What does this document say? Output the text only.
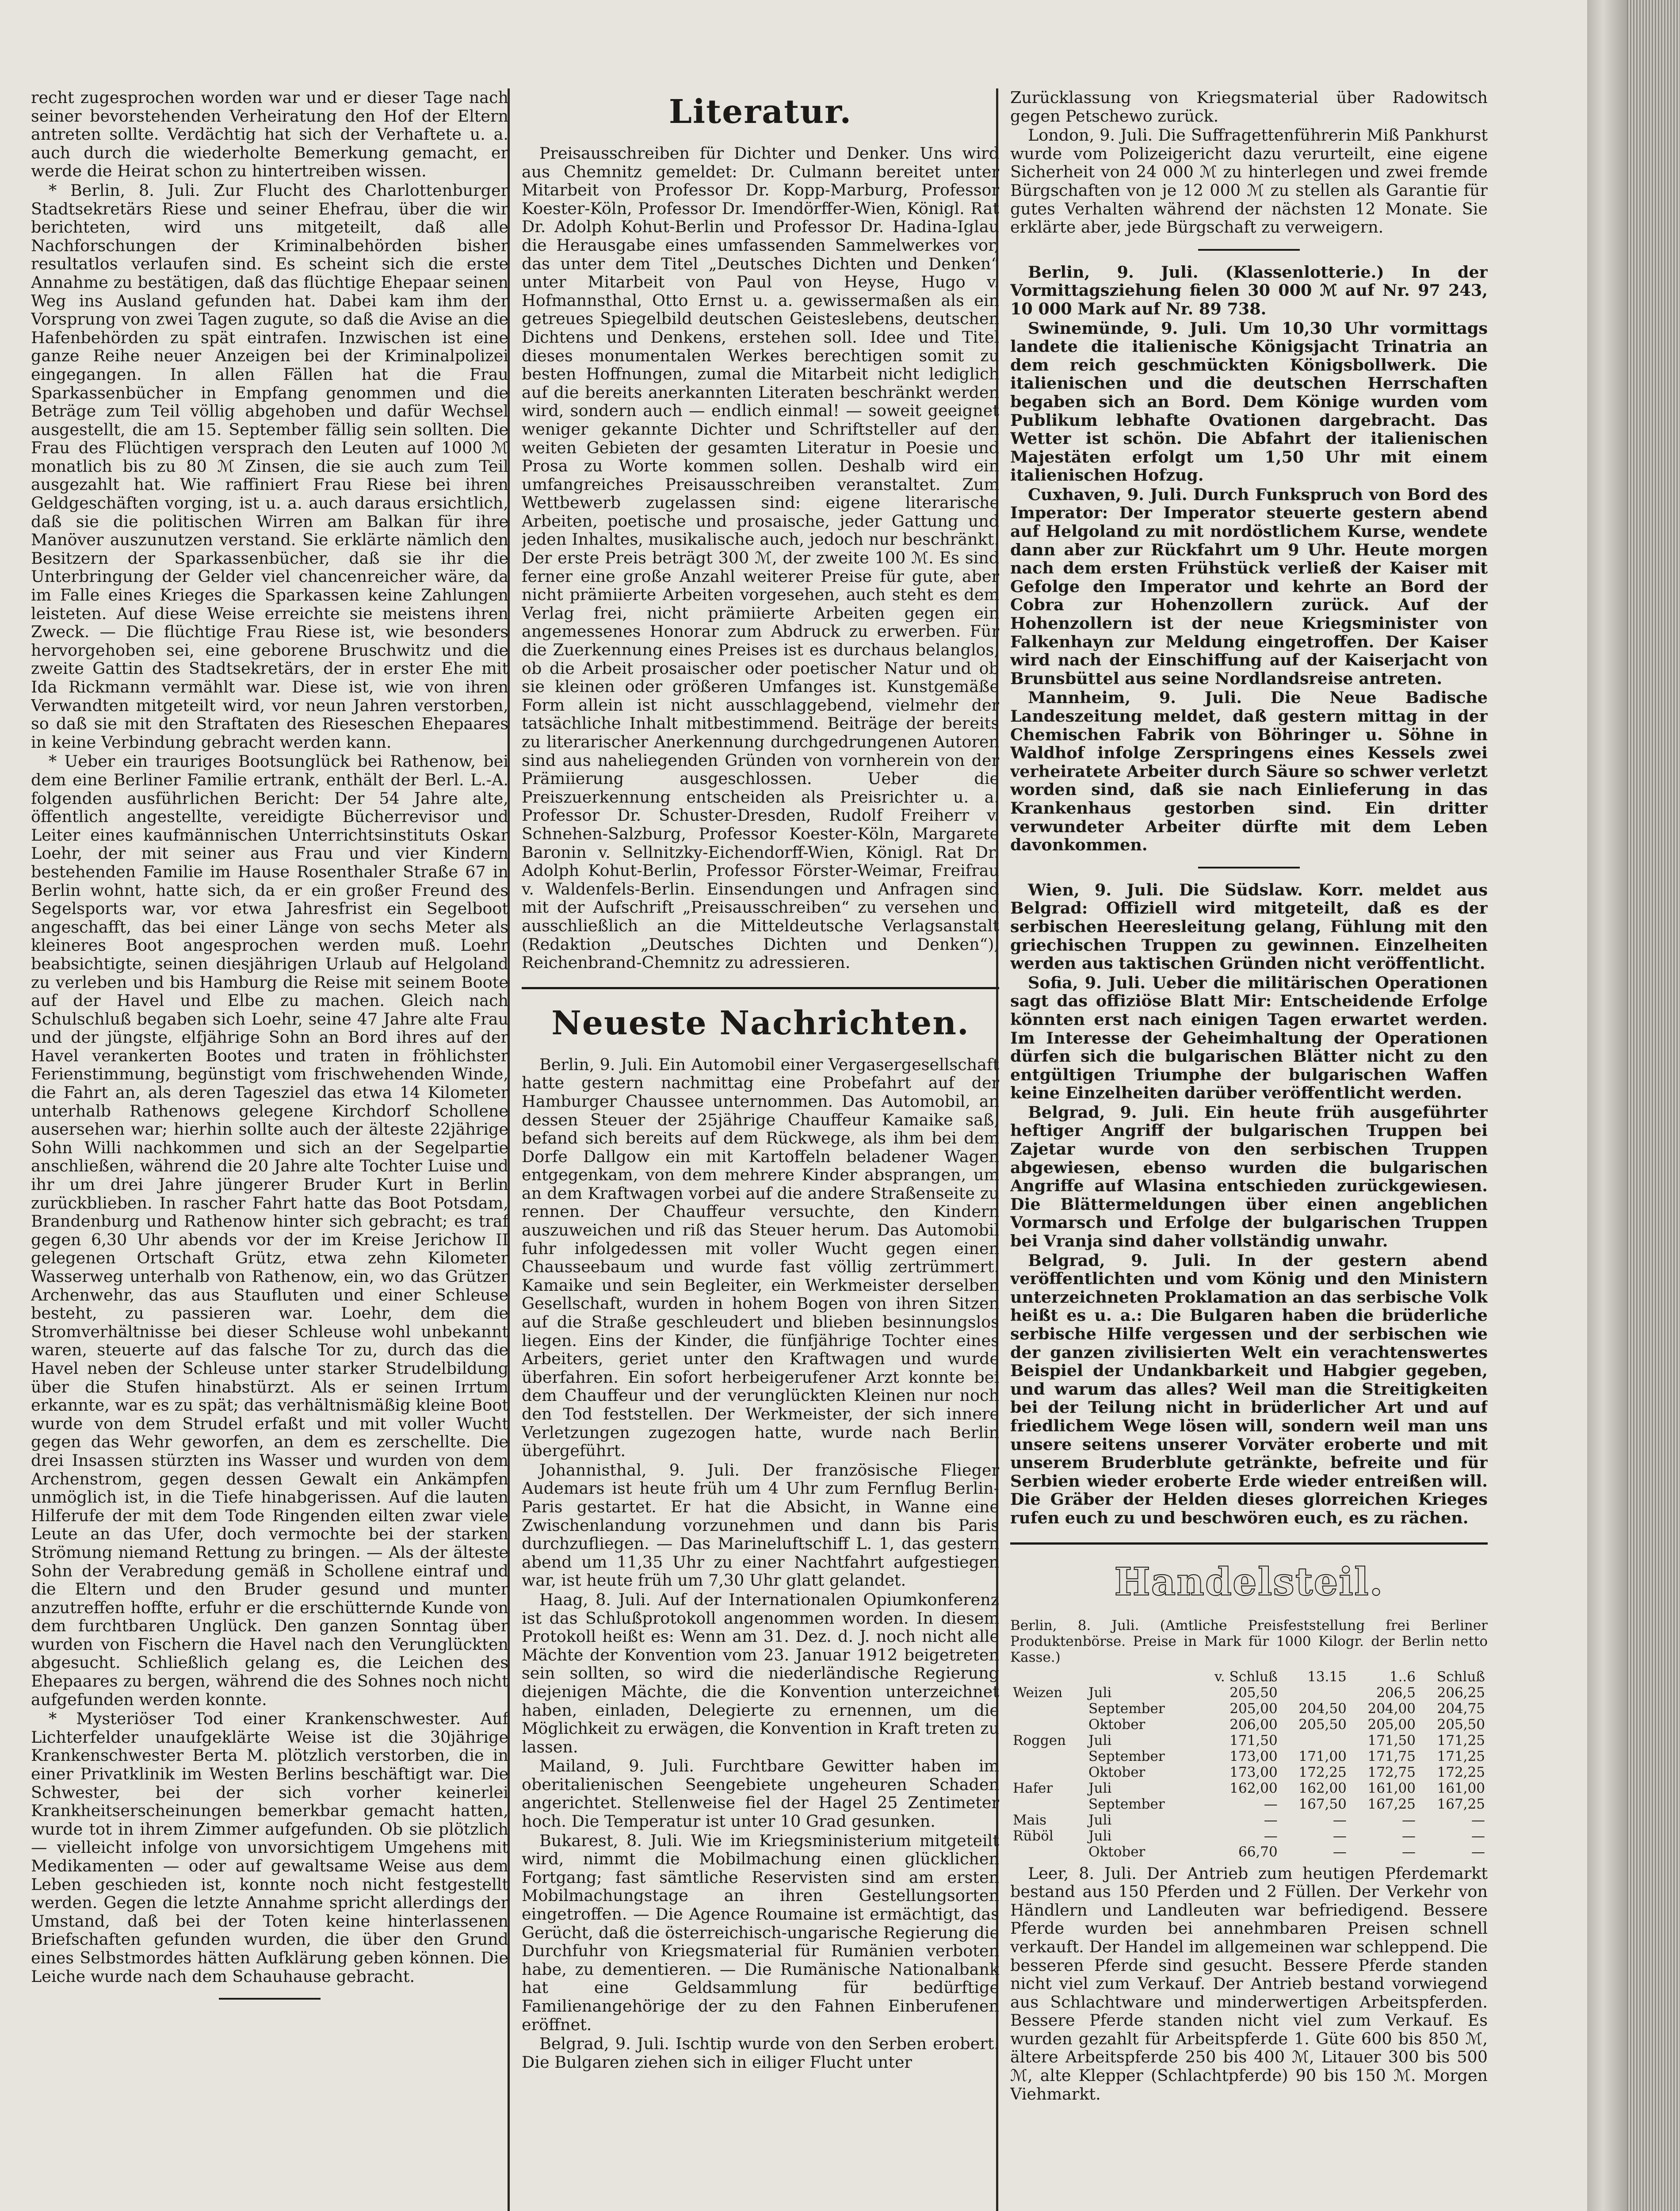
recht zugesprochen worden war und er dieser Tage nach seiner bevorstehenden Verheiratung den Hof der Eltern antreten sollte. Verdächtig hat sich der Verhaftete u. a. auch durch die wiederholte Bemerkung gemacht, er werde die Heirat schon zu hintertreiben wissen.

* Berlin, 8. Juli. Zur Flucht des Charlottenburger Stadtsekretärs Riese und seiner Ehefrau, über die wir berichteten, wird uns mitgeteilt, daß alle Nachforschungen der Kriminalbehörden bisher resultatlos verlaufen sind. Es scheint sich die erste Annahme zu bestätigen, daß das flüchtige Ehepaar seinen Weg ins Ausland gefunden hat. Dabei kam ihm der Vorsprung von zwei Tagen zugute, so daß die Avise an die Hafenbehörden zu spät eintrafen. Inzwischen ist eine ganze Reihe neuer Anzeigen bei der Kriminalpolizei eingegangen. In allen Fällen hat die Frau Sparkassenbücher in Empfang genommen und die Beträge zum Teil völlig abgehoben und dafür Wechsel ausgestellt, die am 15. September fällig sein sollten. Die Frau des Flüchtigen versprach den Leuten auf 1000 ℳ monatlich bis zu 80 ℳ Zinsen, die sie auch zum Teil ausgezahlt hat. Wie raffiniert Frau Riese bei ihren Geldgeschäften vorging, ist u. a. auch daraus ersichtlich, daß sie die politischen Wirren am Balkan für ihre Manöver auszunutzen verstand. Sie erklärte nämlich den Besitzern der Sparkassenbücher, daß sie ihr die Unterbringung der Gelder viel chancenreicher wäre, da im Falle eines Krieges die Sparkassen keine Zahlungen leisteten. Auf diese Weise erreichte sie meistens ihren Zweck. — Die flüchtige Frau Riese ist, wie besonders hervorgehoben sei, eine geborene Bruschwitz und die zweite Gattin des Stadtsekretärs, der in erster Ehe mit Ida Rickmann vermählt war. Diese ist, wie von ihren Verwandten mitgeteilt wird, vor neun Jahren verstorben, so daß sie mit den Straftaten des Rieseschen Ehepaares in keine Verbindung gebracht werden kann.

* Ueber ein trauriges Bootsunglück bei Rathenow, bei dem eine Berliner Familie ertrank, enthält der Berl. L.-A. folgenden ausführlichen Bericht: Der 54 Jahre alte, öffentlich angestellte, vereidigte Bücherrevisor und Leiter eines kaufmännischen Unterrichtsinstituts Oskar Loehr, der mit seiner aus Frau und vier Kindern bestehenden Familie im Hause Rosenthaler Straße 67 in Berlin wohnt, hatte sich, da er ein großer Freund des Segelsports war, vor etwa Jahresfrist ein Segelboot angeschafft, das bei einer Länge von sechs Meter als kleineres Boot angesprochen werden muß. Loehr beabsichtigte, seinen diesjährigen Urlaub auf Helgoland zu verleben und bis Hamburg die Reise mit seinem Boote auf der Havel und Elbe zu machen. Gleich nach Schulschluß begaben sich Loehr, seine 47 Jahre alte Frau und der jüngste, elfjährige Sohn an Bord ihres auf der Havel verankerten Bootes und traten in fröhlichster Ferienstimmung, begünstigt vom frischwehenden Winde, die Fahrt an, als deren Tagesziel das etwa 14 Kilometer unterhalb Rathenows gelegene Kirchdorf Schollene ausersehen war; hierhin sollte auch der älteste 22jährige Sohn Willi nachkommen und sich an der Segelpartie anschließen, während die 20 Jahre alte Tochter Luise und ihr um drei Jahre jüngerer Bruder Kurt in Berlin zurückblieben. In rascher Fahrt hatte das Boot Potsdam, Brandenburg und Rathenow hinter sich gebracht; es traf gegen 6,30 Uhr abends vor der im Kreise Jerichow II gelegenen Ortschaft Grütz, etwa zehn Kilometer Wasserweg unterhalb von Rathenow, ein, wo das Grützer Archenwehr, das aus Staufluten und einer Schleuse besteht, zu passieren war. Loehr, dem die Stromverhältnisse bei dieser Schleuse wohl unbekannt waren, steuerte auf das falsche Tor zu, durch das die Havel neben der Schleuse unter starker Strudelbildung über die Stufen hinabstürzt. Als er seinen Irrtum erkannte, war es zu spät; das verhältnismäßig kleine Boot wurde von dem Strudel erfaßt und mit voller Wucht gegen das Wehr geworfen, an dem es zerschellte. Die drei Insassen stürzten ins Wasser und wurden von dem Archenstrom, gegen dessen Gewalt ein Ankämpfen unmöglich ist, in die Tiefe hinabgerissen. Auf die lauten Hilferufe der mit dem Tode Ringenden eilten zwar viele Leute an das Ufer, doch vermochte bei der starken Strömung niemand Rettung zu bringen. — Als der älteste Sohn der Verabredung gemäß in Schollene eintraf und die Eltern und den Bruder gesund und munter anzutreffen hoffte, erfuhr er die erschütternde Kunde von dem furchtbaren Unglück. Den ganzen Sonntag über wurden von Fischern die Havel nach den Verunglückten abgesucht. Schließlich gelang es, die Leichen des Ehepaares zu bergen, während die des Sohnes noch nicht aufgefunden werden konnte.

* Mysteriöser Tod einer Krankenschwester. Auf Lichterfelder unaufgeklärte Weise ist die 30jährige Krankenschwester Berta M. plötzlich verstorben, die in einer Privatklinik im Westen Berlins beschäftigt war. Die Schwester, bei der sich vorher keinerlei Krankheitserscheinungen bemerkbar gemacht hatten, wurde tot in ihrem Zimmer aufgefunden. Ob sie plötzlich — vielleicht infolge von unvorsichtigem Umgehens mit Medikamenten — oder auf gewaltsame Weise aus dem Leben geschieden ist, konnte noch nicht festgestellt werden. Gegen die letzte Annahme spricht allerdings der Umstand, daß bei der Toten keine hinterlassenen Briefschaften gefunden wurden, die über den Grund eines Selbstmordes hätten Aufklärung geben können. Die Leiche wurde nach dem Schauhause gebracht.

Literatur.

Preisausschreiben für Dichter und Denker. Uns wird aus Chemnitz gemeldet: Dr. Culmann bereitet unter Mitarbeit von Professor Dr. Kopp-Marburg, Professor Koester-Köln, Professor Dr. Imendörffer-Wien, Königl. Rat Dr. Adolph Kohut-Berlin und Professor Dr. Hadina-Iglau die Herausgabe eines umfassenden Sammelwerkes vor, das unter dem Titel „Deutsches Dichten und Denken“ unter Mitarbeit von Paul von Heyse, Hugo v. Hofmannsthal, Otto Ernst u. a. gewissermaßen als ein getreues Spiegelbild deutschen Geisteslebens, deutschen Dichtens und Denkens, erstehen soll. Idee und Titel dieses monumentalen Werkes berechtigen somit zu besten Hoffnungen, zumal die Mitarbeit nicht lediglich auf die bereits anerkannten Literaten beschränkt werden wird, sondern auch — endlich einmal! — soweit geeignet weniger gekannte Dichter und Schriftsteller auf den weiten Gebieten der gesamten Literatur in Poesie und Prosa zu Worte kommen sollen. Deshalb wird ein umfangreiches Preisausschreiben veranstaltet. Zum Wettbewerb zugelassen sind: eigene literarische Arbeiten, poetische und prosaische, jeder Gattung und jeden Inhaltes, musikalische auch, jedoch nur beschränkt. Der erste Preis beträgt 300 ℳ, der zweite 100 ℳ. Es sind ferner eine große Anzahl weiterer Preise für gute, aber nicht prämiierte Arbeiten vorgesehen, auch steht es dem Verlag frei, nicht prämiierte Arbeiten gegen ein angemessenes Honorar zum Abdruck zu erwerben. Für die Zuerkennung eines Preises ist es durchaus belanglos, ob die Arbeit prosaischer oder poetischer Natur und ob sie kleinen oder größeren Umfanges ist. Kunstgemäße Form allein ist nicht ausschlaggebend, vielmehr der tatsächliche Inhalt mitbestimmend. Beiträge der bereits zu literarischer Anerkennung durchgedrungenen Autoren sind aus naheliegenden Gründen von vornherein von der Prämiierung ausgeschlossen. Ueber die Preiszuerkennung entscheiden als Preisrichter u. a. Professor Dr. Schuster-Dresden, Rudolf Freiherr v. Schnehen-Salzburg, Professor Koester-Köln, Margarete Baronin v. Sellnitzky-Eichendorff-Wien, Königl. Rat Dr. Adolph Kohut-Berlin, Professor Förster-Weimar, Freifrau v. Waldenfels-Berlin. Einsendungen und Anfragen sind mit der Aufschrift „Preisausschreiben“ zu versehen und ausschließlich an die Mitteldeutsche Verlagsanstalt (Redaktion „Deutsches Dichten und Denken“), Reichenbrand-Chemnitz zu adressieren.

Neueste Nachrichten.

Berlin, 9. Juli. Ein Automobil einer Vergasergesellschaft hatte gestern nachmittag eine Probefahrt auf der Hamburger Chaussee unternommen. Das Automobil, an dessen Steuer der 25jährige Chauffeur Kamaike saß, befand sich bereits auf dem Rückwege, als ihm bei dem Dorfe Dallgow ein mit Kartoffeln beladener Wagen entgegenkam, von dem mehrere Kinder absprangen, um an dem Kraftwagen vorbei auf die andere Straßenseite zu rennen. Der Chauffeur versuchte, den Kindern auszuweichen und riß das Steuer herum. Das Automobil fuhr infolgedessen mit voller Wucht gegen einen Chausseebaum und wurde fast völlig zertrümmert. Kamaike und sein Begleiter, ein Werkmeister derselben Gesellschaft, wurden in hohem Bogen von ihren Sitzen auf die Straße geschleudert und blieben besinnungslos liegen. Eins der Kinder, die fünfjährige Tochter eines Arbeiters, geriet unter den Kraftwagen und wurde überfahren. Ein sofort herbeigerufener Arzt konnte bei dem Chauffeur und der verunglückten Kleinen nur noch den Tod feststellen. Der Werkmeister, der sich innere Verletzungen zugezogen hatte, wurde nach Berlin übergeführt.

Johannisthal, 9. Juli. Der französische Flieger Audemars ist heute früh um 4 Uhr zum Fernflug Berlin-Paris gestartet. Er hat die Absicht, in Wanne eine Zwischenlandung vorzunehmen und dann bis Paris durchzufliegen. — Das Marineluftschiff L. 1, das gestern abend um 11,35 Uhr zu einer Nachtfahrt aufgestiegen war, ist heute früh um 7,30 Uhr glatt gelandet.

Haag, 8. Juli. Auf der Internationalen Opiumkonferenz ist das Schlußprotokoll angenommen worden. In diesem Protokoll heißt es: Wenn am 31. Dez. d. J. noch nicht alle Mächte der Konvention vom 23. Januar 1912 beigetreten sein sollten, so wird die niederländische Regierung diejenigen Mächte, die die Konvention unterzeichnet haben, einladen, Delegierte zu ernennen, um die Möglichkeit zu erwägen, die Konvention in Kraft treten zu lassen.

Mailand, 9. Juli. Furchtbare Gewitter haben im oberitalienischen Seengebiete ungeheuren Schaden angerichtet. Stellenweise fiel der Hagel 25 Zentimeter hoch. Die Temperatur ist unter 10 Grad gesunken.

Bukarest, 8. Juli. Wie im Kriegsministerium mitgeteilt wird, nimmt die Mobilmachung einen glücklichen Fortgang; fast sämtliche Reservisten sind am ersten Mobilmachungstage an ihren Gestellungsorten eingetroffen. — Die Agence Roumaine ist ermächtigt, das Gerücht, daß die österreichisch-ungarische Regierung die Durchfuhr von Kriegsmaterial für Rumänien verboten habe, zu dementieren. — Die Rumänische Nationalbank hat eine Geldsammlung für bedürftige Familienangehörige der zu den Fahnen Einberufenen eröffnet.

Belgrad, 9. Juli. Ischtip wurde von den Serben erobert. Die Bulgaren ziehen sich in eiliger Flucht unter

Zurücklassung von Kriegsmaterial über Radowitsch gegen Petschewo zurück.

London, 9. Juli. Die Suffragettenführerin Miß Pankhurst wurde vom Polizeigericht dazu verurteilt, eine eigene Sicherheit von 24 000 ℳ zu hinterlegen und zwei fremde Bürgschaften von je 12 000 ℳ zu stellen als Garantie für gutes Verhalten während der nächsten 12 Monate. Sie erklärte aber, jede Bürgschaft zu verweigern.

Berlin, 9. Juli. (Klassenlotterie.) In der Vormittagsziehung fielen 30 000 ℳ auf Nr. 97 243, 10 000 Mark auf Nr. 89 738.

Swinemünde, 9. Juli. Um 10,30 Uhr vormittags landete die italienische Königsjacht Trinatria an dem reich geschmückten Königsbollwerk. Die italienischen und die deutschen Herrschaften begaben sich an Bord. Dem Könige wurden vom Publikum lebhafte Ovationen dargebracht. Das Wetter ist schön. Die Abfahrt der italienischen Majestäten erfolgt um 1,50 Uhr mit einem italienischen Hofzug.

Cuxhaven, 9. Juli. Durch Funkspruch von Bord des Imperator: Der Imperator steuerte gestern abend auf Helgoland zu mit nordöstlichem Kurse, wendete dann aber zur Rückfahrt um 9 Uhr. Heute morgen nach dem ersten Frühstück verließ der Kaiser mit Gefolge den Imperator und kehrte an Bord der Cobra zur Hohenzollern zurück. Auf der Hohenzollern ist der neue Kriegsminister von Falkenhayn zur Meldung eingetroffen. Der Kaiser wird nach der Einschiffung auf der Kaiserjacht von Brunsbüttel aus seine Nordlandsreise antreten.

Mannheim, 9. Juli. Die Neue Badische Landeszeitung meldet, daß gestern mittag in der Chemischen Fabrik von Böhringer u. Söhne in Waldhof infolge Zerspringens eines Kessels zwei verheiratete Arbeiter durch Säure so schwer verletzt worden sind, daß sie nach Einlieferung in das Krankenhaus gestorben sind. Ein dritter verwundeter Arbeiter dürfte mit dem Leben davonkommen.

Wien, 9. Juli. Die Südslaw. Korr. meldet aus Belgrad: Offiziell wird mitgeteilt, daß es der serbischen Heeresleitung gelang, Fühlung mit den griechischen Truppen zu gewinnen. Einzelheiten werden aus taktischen Gründen nicht veröffentlicht.

Sofia, 9. Juli. Ueber die militärischen Operationen sagt das offiziöse Blatt Mir: Entscheidende Erfolge könnten erst nach einigen Tagen erwartet werden. Im Interesse der Geheimhaltung der Operationen dürfen sich die bulgarischen Blätter nicht zu den entgültigen Triumphe der bulgarischen Waffen keine Einzelheiten darüber veröffentlicht werden.

Belgrad, 9. Juli. Ein heute früh ausgeführter heftiger Angriff der bulgarischen Truppen bei Zajetar wurde von den serbischen Truppen abgewiesen, ebenso wurden die bulgarischen Angriffe auf Wlasina entschieden zurückgewiesen. Die Blättermeldungen über einen angeblichen Vormarsch und Erfolge der bulgarischen Truppen bei Vranja sind daher vollständig unwahr.

Belgrad, 9. Juli. In der gestern abend veröffentlichten und vom König und den Ministern unterzeichneten Proklamation an das serbische Volk heißt es u. a.: Die Bulgaren haben die brüderliche serbische Hilfe vergessen und der serbischen wie der ganzen zivilisierten Welt ein verachtenswertes Beispiel der Undankbarkeit und Habgier gegeben, und warum das alles? Weil man die Streitigkeiten bei der Teilung nicht in brüderlicher Art und auf friedlichem Wege lösen will, sondern weil man uns unsere seitens unserer Vorväter eroberte und mit unserem Bruderblute getränkte, befreite und für Serbien wieder eroberte Erde wieder entreißen will. Die Gräber der Helden dieses glorreichen Krieges rufen euch zu und beschwören euch, es zu rächen.

Handelsteil.

Berlin, 8. Juli. (Amtliche Preisfeststellung frei Berliner Produktenbörse. Preise in Mark für 1000 Kilogr. der Berlin netto Kasse.)

		v. Schluß	13.15	1..6	Schluß
Weizen	Juli	205,50		206,5	206,25
	September	205,00	204,50	204,00	204,75
	Oktober	206,00	205,50	205,00	205,50
Roggen	Juli	171,50		171,50	171,25
	September	173,00	171,00	171,75	171,25
	Oktober	173,00	172,25	172,75	172,25
Hafer	Juli	162,00	162,00	161,00	161,00
	September	—	167,50	167,25	167,25
Mais	Juli	—	—	—	—
Rüböl	Juli	—	—	—	—
	Oktober	66,70	—	—	—

Leer, 8. Juli. Der Antrieb zum heutigen Pferdemarkt bestand aus 150 Pferden und 2 Füllen. Der Verkehr von Händlern und Landleuten war befriedigend. Bessere Pferde wurden bei annehmbaren Preisen schnell verkauft. Der Handel im allgemeinen war schleppend. Die besseren Pferde sind gesucht. Bessere Pferde standen nicht viel zum Verkauf. Der Antrieb bestand vorwiegend aus Schlachtware und minderwertigen Arbeitspferden. Bessere Pferde standen nicht viel zum Verkauf. Es wurden gezahlt für Arbeitspferde 1. Güte 600 bis 850 ℳ, ältere Arbeitspferde 250 bis 400 ℳ, Litauer 300 bis 500 ℳ, alte Klepper (Schlachtpferde) 90 bis 150 ℳ. Morgen Viehmarkt.
